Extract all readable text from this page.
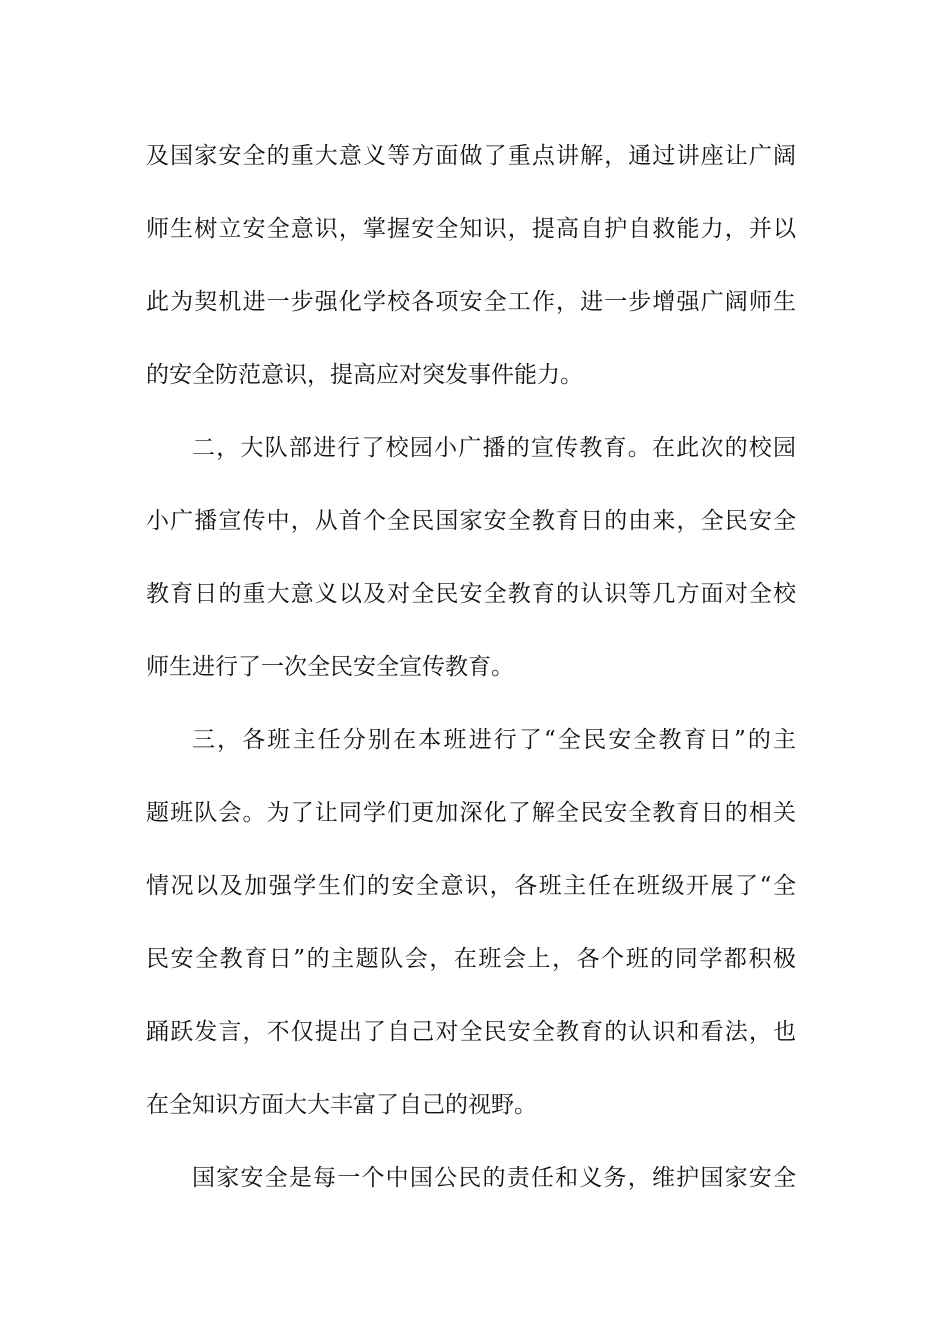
及国家安全的重大意义等方面做了重点讲解，通过讲座让广阔
师生树立安全意识，掌握安全知识，提高自护自救能力，并以
此为契机进一步强化学校各项安全工作，进一步增强广阔师生
的安全防范意识，提高应对突发事件能力。
二，大队部进行了校园小广播的宣传教育。在此次的校园
小广播宣传中，从首个全民国家安全教育日的由来，全民安全
教育日的重大意义以及对全民安全教育的认识等几方面对全校
师生进行了一次全民安全宣传教育。
三，各班主任分别在本班进行了“全民安全教育日”的主
题班队会。为了让同学们更加深化了解全民安全教育日的相关
情况以及加强学生们的安全意识，各班主任在班级开展了“全
民安全教育日”的主题队会，在班会上，各个班的同学都积极
踊跃发言，不仅提出了自己对全民安全教育的认识和看法，也
在全知识方面大大丰富了自己的视野。
国家安全是每一个中国公民的责任和义务，维护国家安全
